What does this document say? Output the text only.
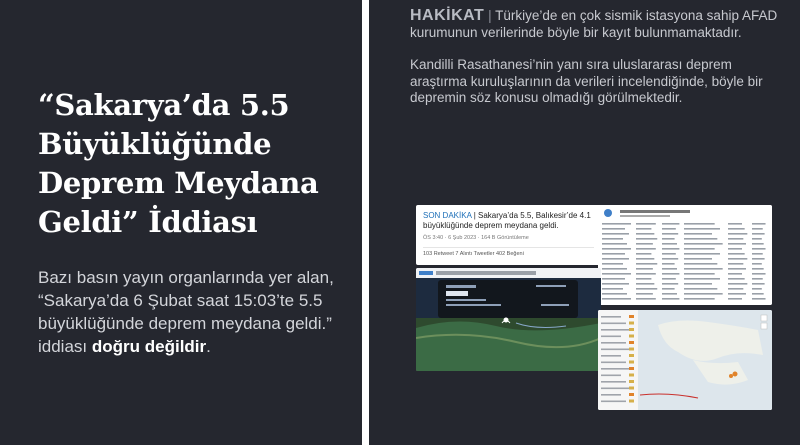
“Sakarya’da 5.5 Büyüklüğünde Deprem Meydana Geldi” İddiası

Bazı basın yayın organlarında yer alan, “Sakarya’da 6 Şubat saat 15:03’te 5.5 büyüklüğünde deprem meydana geldi.” iddiası doğru değildir.

HAKİKAT | Türkiye’de en çok sismik istasyona sahip AFAD kurumunun verilerinde böyle bir kayıt bulunmamaktadır.

Kandilli Rasathanesi’nin yanı sıra uluslararası deprem araştırma kuruluşlarının da verileri incelendiğinde, böyle bir depremin söz konusu olmadığı görülmektedir.

SON DAKİKA | Sakarya’da 5.5, Balıkesir’de 4.1 büyüklüğünde deprem meydana geldi.
ÖS 3:40 · 6 Şub 2023 · 164 B Görüntüleme
103 Retweet 7 Alıntı Tweetler 402 Beğeni
